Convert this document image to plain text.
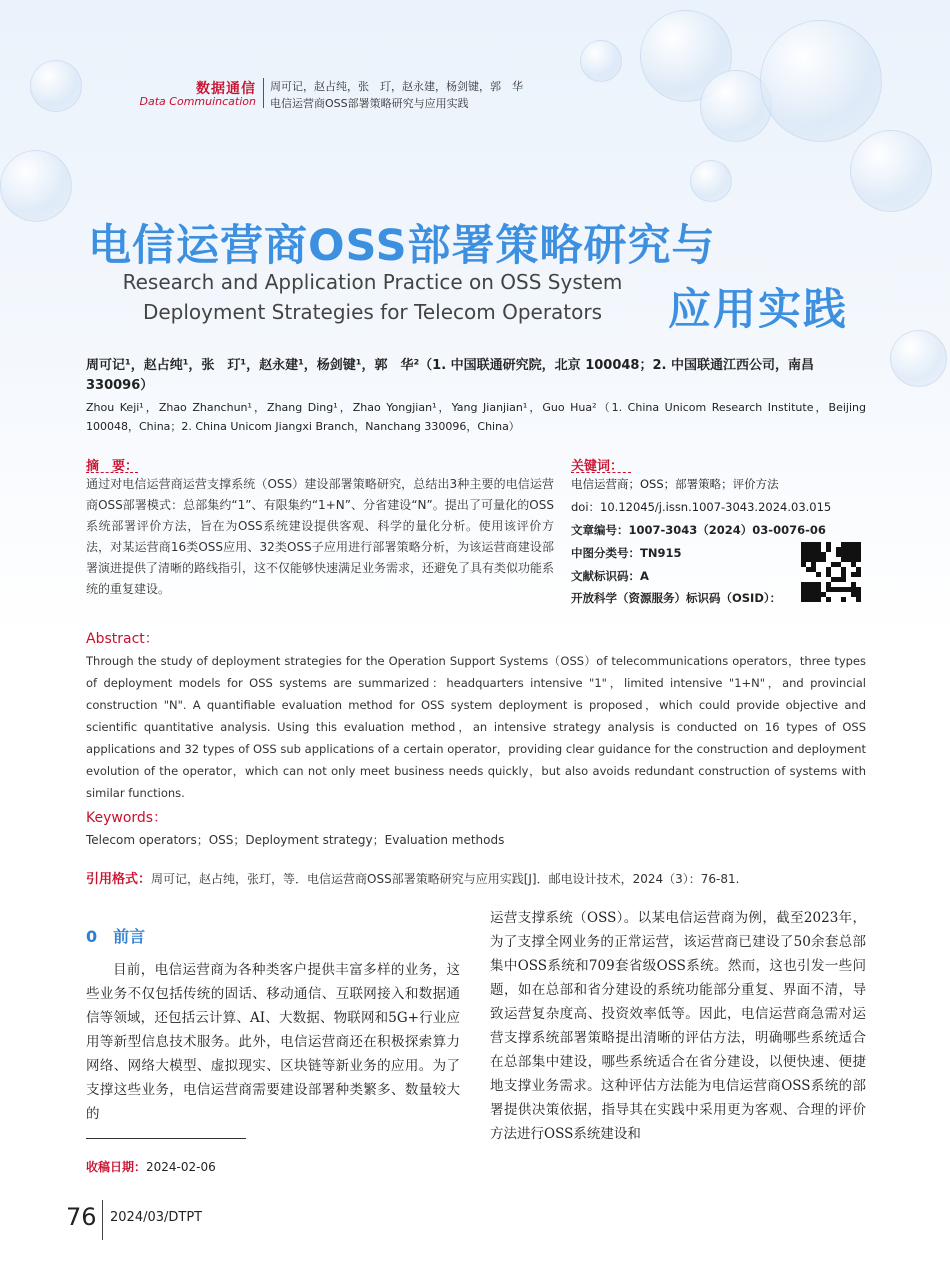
数据通信
Data Commuincation
周可记，赵占纯，张　玎，赵永建，杨剑键，郭　华
电信运营商OSS部署策略研究与应用实践
电信运营商OSS部署策略研究与
Research and Application Practice on OSS System
Deployment Strategies for Telecom Operators	应用实践
周可记¹，赵占纯¹，张　玎¹，赵永建¹，杨剑键¹，郭　华²（1. 中国联通研究院，北京 100048；2. 中国联通江西公司，南昌 330096）
Zhou Keji¹，Zhao Zhanchun¹，Zhang Ding¹，Zhao Yongjian¹，Yang Jianjian¹，Guo Hua²（1. China Unicom Research Institute，Beijing 100048，China；2. China Unicom Jiangxi Branch，Nanchang 330096，China）
摘　要：
通过对电信运营商运营支撑系统（OSS）建设部署策略研究，总结出3种主要的电信运营商OSS部署模式：总部集约“1”、有限集约“1+N”、分省建设“N”。提出了可量化的OSS系统部署评价方法，旨在为OSS系统建设提供客观、科学的量化分析。使用该评价方法，对某运营商16类OSS应用、32类OSS子应用进行部署策略分析，为该运营商建设部署演进提供了清晰的路线指引，这不仅能够快速满足业务需求，还避免了具有类似功能系统的重复建设。
关键词：
电信运营商；OSS；部署策略；评价方法
doi：10.12045/j.issn.1007-3043.2024.03.015
文章编号：1007-3043（2024）03-0076-06
中图分类号：TN915
文献标识码：A
开放科学（资源服务）标识码（OSID）：
Abstract：
Through the study of deployment strategies for the Operation Support Systems（OSS）of telecommunications operators，three types of deployment models for OSS systems are summarized：headquarters intensive "1"，limited intensive "1+N"，and provincial construction "N". A quantifiable evaluation method for OSS system deployment is proposed，which could provide objective and scientific quantitative analysis. Using this evaluation method，an intensive strategy analysis is conducted on 16 types of OSS applications and 32 types of OSS sub applications of a certain operator，providing clear guidance for the construction and deployment evolution of the operator，which can not only meet business needs quickly，but also avoids redundant construction of systems with similar functions.
Keywords：
Telecom operators；OSS；Deployment strategy；Evaluation methods
引用格式：周可记，赵占纯，张玎，等．电信运营商OSS部署策略研究与应用实践[J]．邮电设计技术，2024（3）：76-81.
0　前言
目前，电信运营商为各种类客户提供丰富多样的业务，这些业务不仅包括传统的固话、移动通信、互联网接入和数据通信等领域，还包括云计算、AI、大数据、物联网和5G+行业应用等新型信息技术服务。此外，电信运营商还在积极探索算力网络、网络大模型、虚拟现实、区块链等新业务的应用。为了支撑这些业务，电信运营商需要建设部署种类繁多、数量较大的
运营支撑系统（OSS）。以某电信运营商为例，截至2023年，为了支撑全网业务的正常运营，该运营商已建设了50余套总部集中OSS系统和709套省级OSS系统。然而，这也引发一些问题，如在总部和省分建设的系统功能部分重复、界面不清，导致运营复杂度高、投资效率低等。因此，电信运营商急需对运营支撑系统部署策略提出清晰的评估方法，明确哪些系统适合在总部集中建设，哪些系统适合在省分建设，以便快速、便捷地支撑业务需求。这种评估方法能为电信运营商OSS系统的部署提供决策依据，指导其在实践中采用更为客观、合理的评价方法进行OSS系统建设和
收稿日期：2024-02-06
76 2024/03/DTPT
